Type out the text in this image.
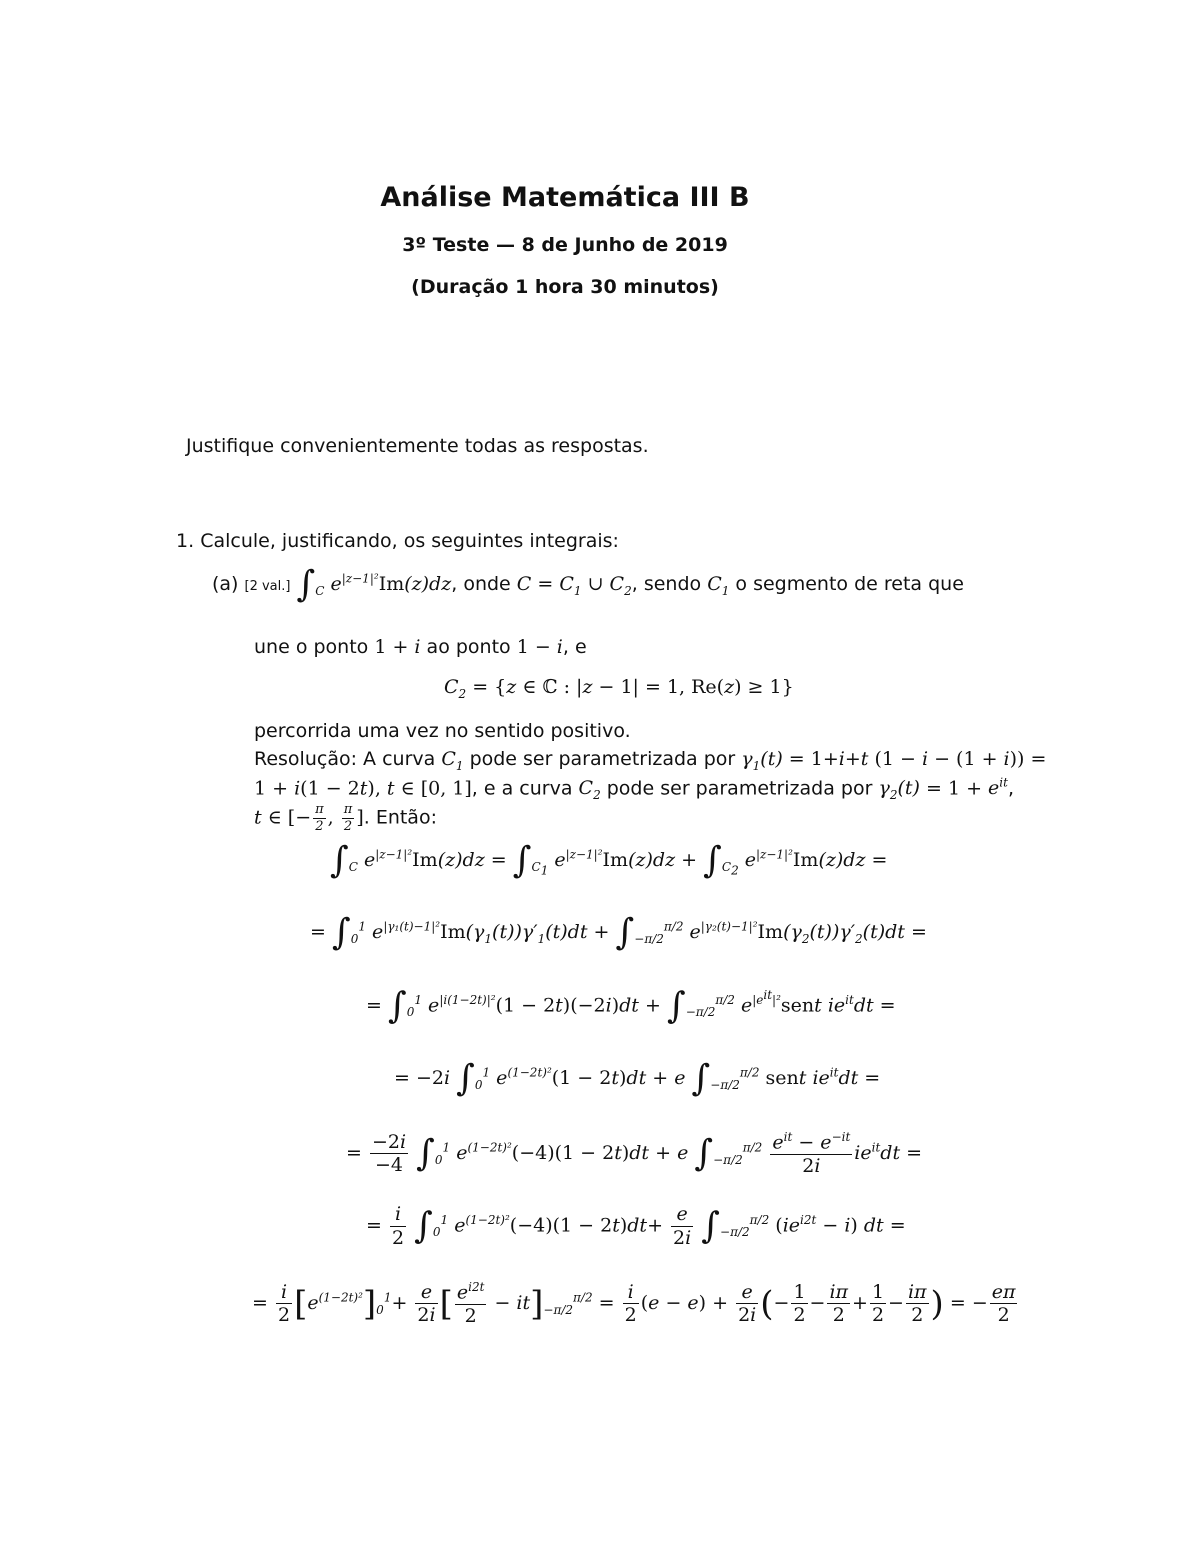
Análise Matemática III B
3º Teste — 8 de Junho de 2019
(Duração 1 hora 30 minutos)
Justifique convenientemente todas as respostas.
1. Calcule, justificando, os seguintes integrais:
(a) [2 val.] $\int_C$ $e^{|z-1|^2}Im(z)dz$, onde $C = C_1$ ∪ $C_2$, sendo $C_1$ o segmento de reta que
une o ponto 1 + i ao ponto 1 − i, e
$C_2 = \{z$ ∈ ℂ : |z − 1| = 1, Re(z) ≥ 1}
percorrida uma vez no sentido positivo.
Resolução: A curva $C_1$ pode ser parametrizada por $\gamma_1(t) = 1+i+t$ (1 − i − (1 + i)) =
1 + i(1 − 2t), t ∈ [0, 1], e a curva $C_2$ pode ser parametrizada por $\gamma_2(t) = 1 + e^{it}$,
t ∈ [− $\frac{\pi}{2}$ , $\frac{\pi}{2}$ ]. Então:
$\int_C$ $e^{|z-1|^2}Im(z)dz = \int_{C_1}$ $e^{|z-1|^2}Im(z)dz + \int_{C_2}$ $e^{|z-1|^2}Im(z)dz$ =
= $\int_0^1$ $e^{|\gamma_1(t)-1|^2}Im(\gamma_1(t))\gamma'_1(t)dt + \int_{-\pi/2}^{\pi/2}$ $e^{|\gamma_2(t)-1|^2}Im(\gamma_2(t))\gamma'_2(t)dt$ =
= $\int_0^1$ $e^{|i(1-2t)|^2}(1 - 2t)(-2i)dt + \int_{-\pi/2}^{\pi/2}$ $e^{|e^{it}|^2}sent$ $ie^{it}dt$ =
= −2i $\int_0^1$ $e^{(1-2t)^2}(1 - 2t)dt + e$ $\int_{-\pi/2}^{\pi/2}$ sent $ie^{it}dt$ =
= $\frac{-2i}{-4} \int_0^1$ $e^{(1-2t)^2}(-4)(1 - 2t)dt + e$ $\int_{-\pi/2}^{\pi/2} \frac{e^{it} - e^{-it}}{2i} ie^{it}dt$ =
= $\frac{i}{2} \int_0^1$ $e^{(1-2t)^2}(-4)(1 - 2t)dt+ \frac{e}{2i} \int_{-\pi/2}^{\pi/2}$ $(ie^{i2t} - i)$ dt =
= $\frac{i}{2} [e^{(1-2t)^2}]_0^1+ \frac{e}{2i}$ [ $\frac{e^{i2t}}{2} - it]_{-\pi/2}^{\pi/2} = \frac{i}{2} (e - e) + \frac{e}{2i}$ (− $\frac{1}{2} - \frac{i\pi}{2} + \frac{1}{2} - \frac{i\pi}{2}$ ) = − $\frac{e\pi}{2}$
